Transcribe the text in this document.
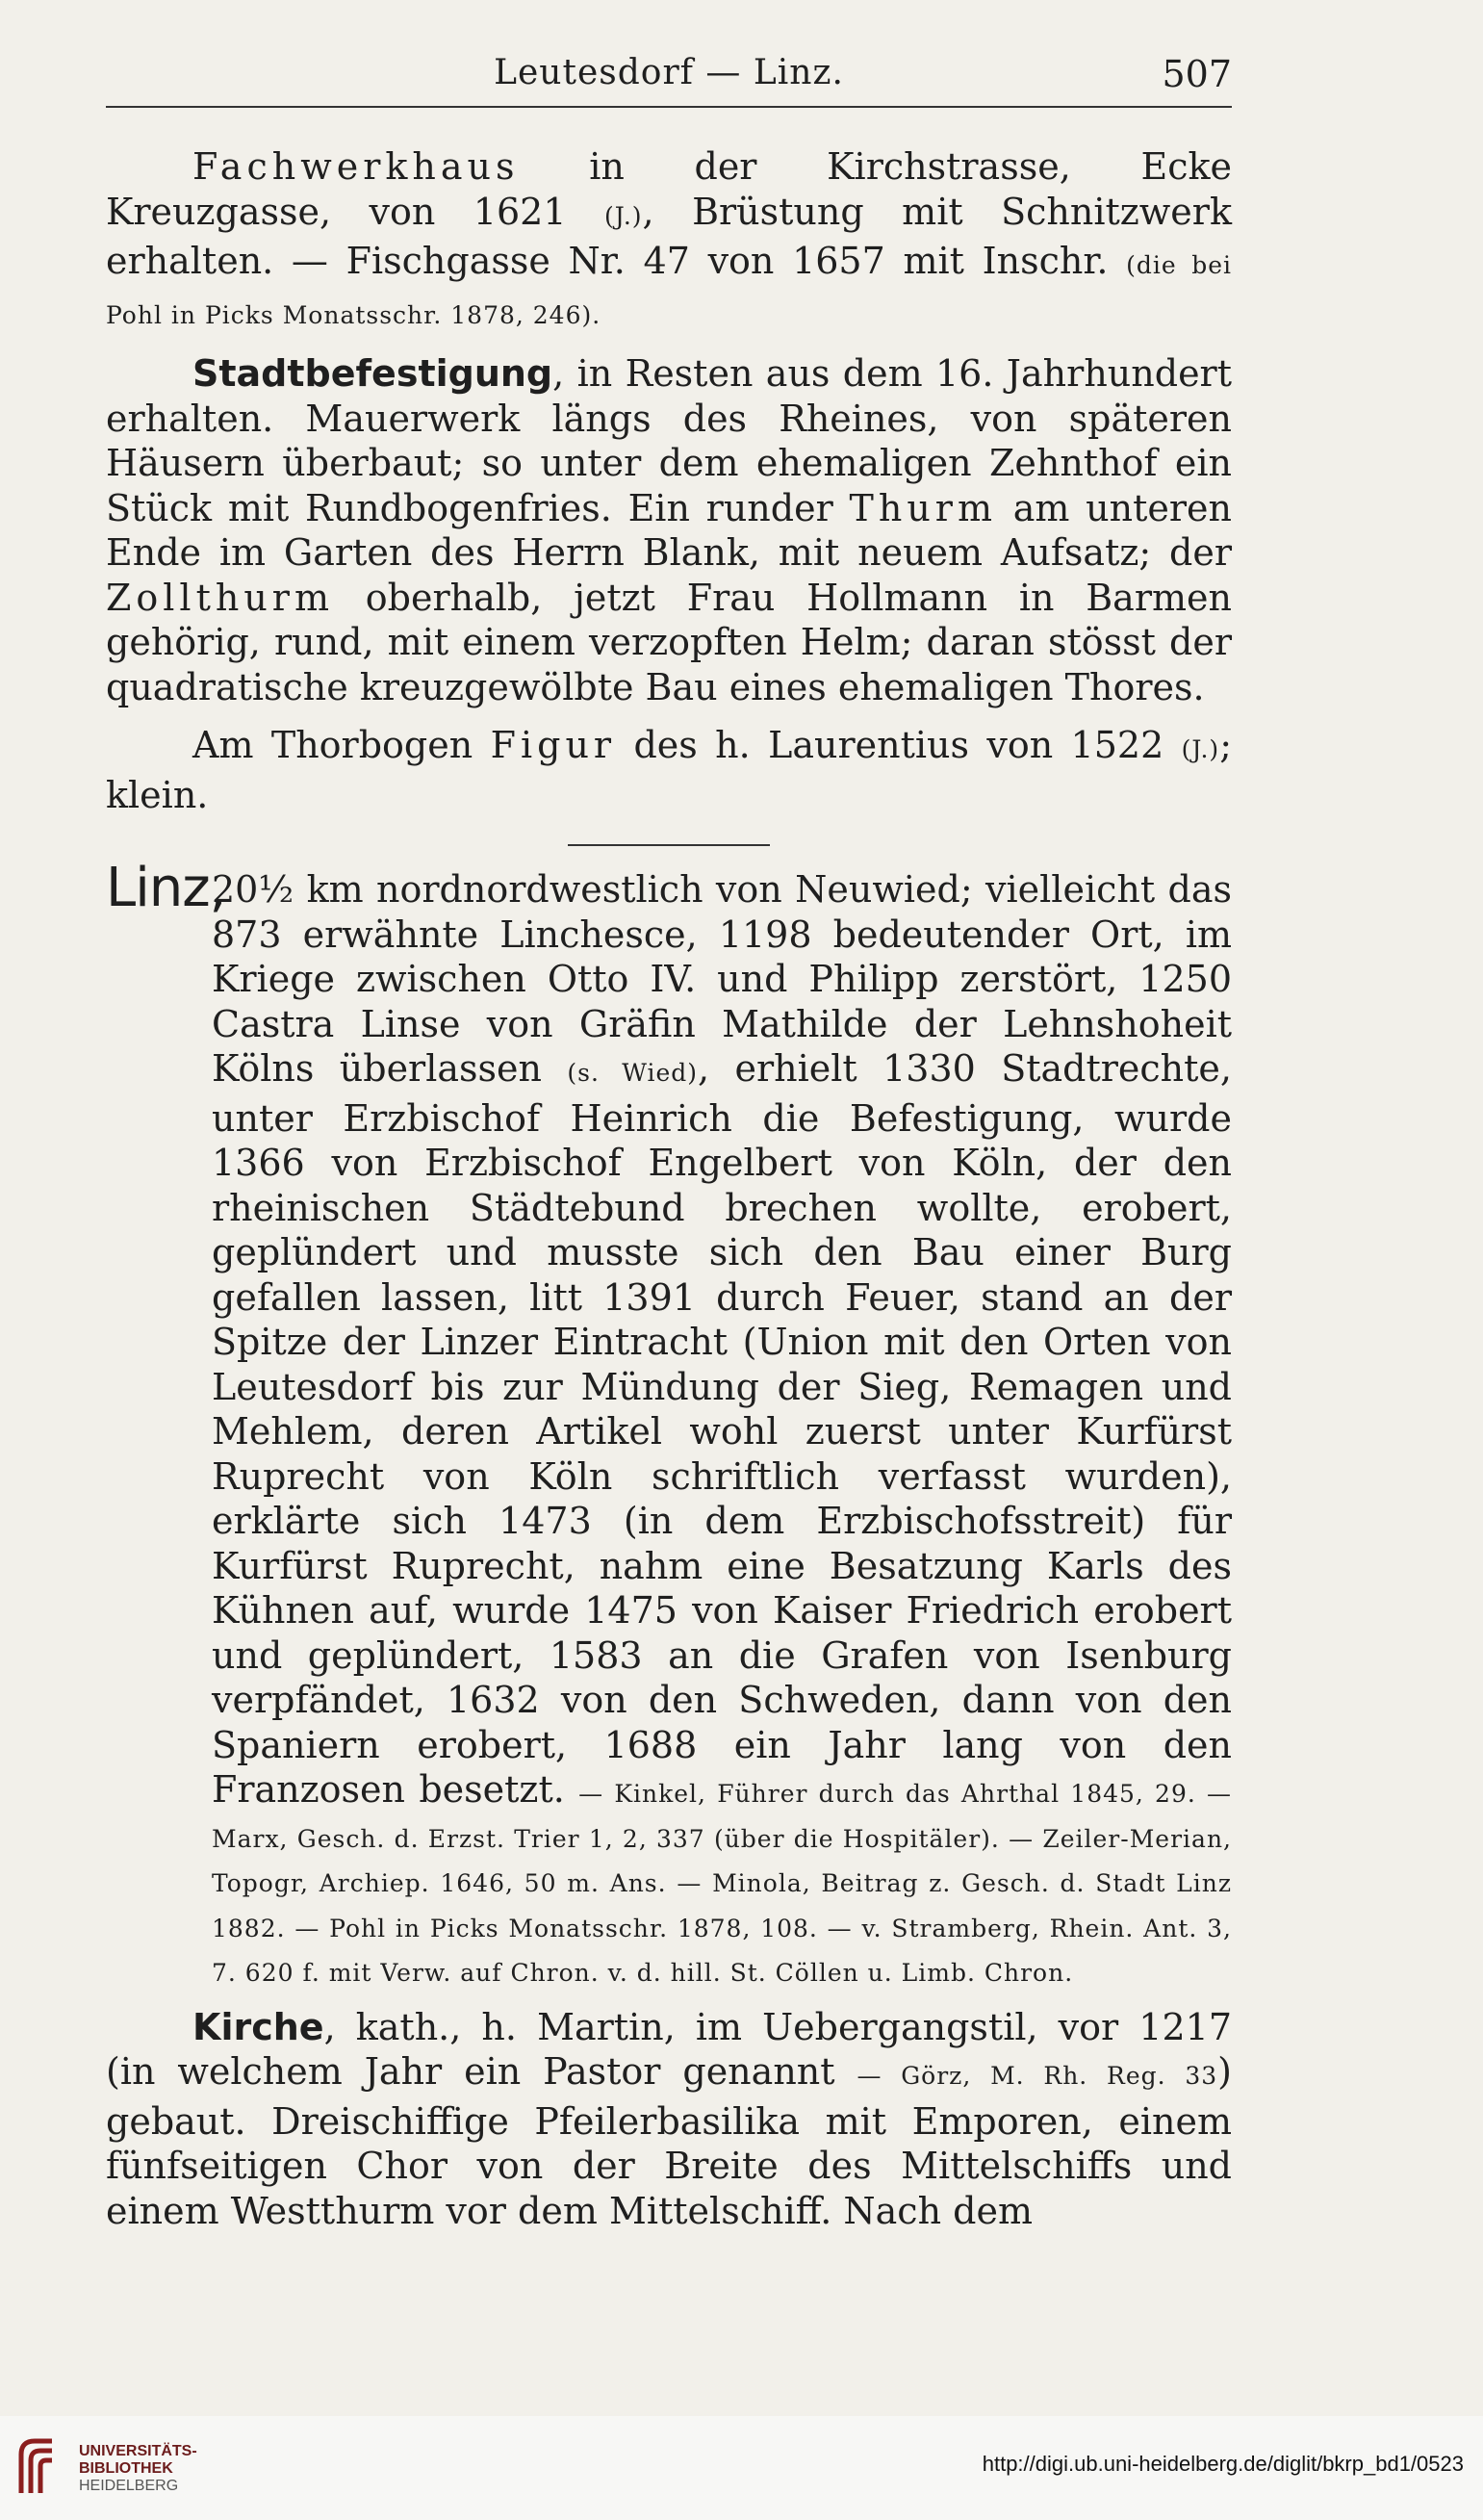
Leutesdorf — Linz.	507

Fachwerkhaus in der Kirchstrasse, Ecke Kreuzgasse, von 1621 (J.), Brüstung mit Schnitzwerk erhalten. — Fischgasse Nr. 47 von 1657 mit Inschr. (die bei Pohl in Picks Monatsschr. 1878, 246).

Stadtbefestigung, in Resten aus dem 16. Jahrhundert erhalten. Mauerwerk längs des Rheines, von späteren Häusern überbaut; so unter dem ehemaligen Zehnthof ein Stück mit Rundbogenfries. Ein runder Thurm am unteren Ende im Garten des Herrn Blank, mit neuem Aufsatz; der Zollthurm oberhalb, jetzt Frau Hollmann in Barmen gehörig, rund, mit einem verzopften Helm; daran stösst der quadratische kreuzgewölbte Bau eines ehemaligen Thores.

Am Thorbogen Figur des h. Laurentius von 1522 (J.); klein.

Linz,
20½ km nordnordwestlich von Neuwied; vielleicht das 873 erwähnte Linchesce, 1198 bedeutender Ort, im Kriege zwischen Otto IV. und Philipp zerstört, 1250 Castra Linse von Gräfin Mathilde der Lehnshoheit Kölns überlassen (s. Wied), erhielt 1330 Stadtrechte, unter Erzbischof Heinrich die Befestigung, wurde 1366 von Erzbischof Engelbert von Köln, der den rheinischen Städtebund brechen wollte, erobert, geplündert und musste sich den Bau einer Burg gefallen lassen, litt 1391 durch Feuer, stand an der Spitze der Linzer Eintracht (Union mit den Orten von Leutesdorf bis zur Mündung der Sieg, Remagen und Mehlem, deren Artikel wohl zuerst unter Kurfürst Ruprecht von Köln schriftlich verfasst wurden), erklärte sich 1473 (in dem Erzbischofsstreit) für Kurfürst Ruprecht, nahm eine Besatzung Karls des Kühnen auf, wurde 1475 von Kaiser Friedrich erobert und geplündert, 1583 an die Grafen von Isenburg verpfändet, 1632 von den Schweden, dann von den Spaniern erobert, 1688 ein Jahr lang von den Franzosen besetzt. — Kinkel, Führer durch das Ahrthal 1845, 29. — Marx, Gesch. d. Erzst. Trier 1, 2, 337 (über die Hospitäler). — Zeiler-Merian, Topogr, Archiep. 1646, 50 m. Ans. — Minola, Beitrag z. Gesch. d. Stadt Linz 1882. — Pohl in Picks Monatsschr. 1878, 108. — v. Stramberg, Rhein. Ant. 3, 7. 620 f. mit Verw. auf Chron. v. d. hill. St. Cöllen u. Limb. Chron.

Kirche, kath., h. Martin, im Uebergangstil, vor 1217 (in welchem Jahr ein Pastor genannt — Görz, M. Rh. Reg. 33) gebaut. Dreischiffige Pfeilerbasilika mit Emporen, einem fünfseitigen Chor von der Breite des Mittelschiffs und einem Westthurm vor dem Mittelschiff. Nach dem

UNIVERSITÄTS-
BIBLIOTHEK
HEIDELBERG
http://digi.ub.uni-heidelberg.de/diglit/bkrp_bd1/0523
